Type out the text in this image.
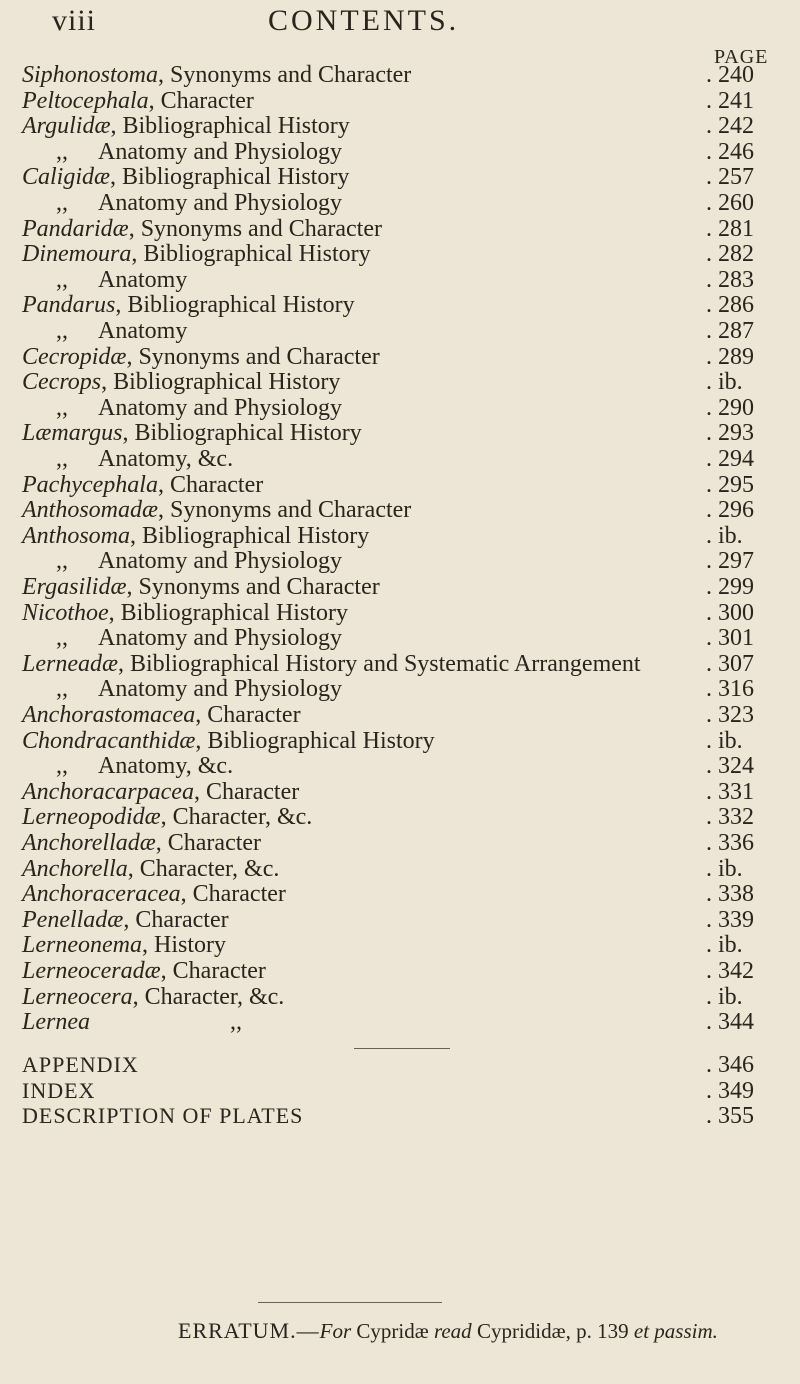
viii	CONTENTS.
PAGE
Siphonostoma, Synonyms and Character	. 240
Peltocephala, Character	. 241
Argulidæ, Bibliographical History	. 242
,, Anatomy and Physiology	. 246
Caligidæ, Bibliographical History	. 257
,, Anatomy and Physiology	. 260
Pandaridæ, Synonyms and Character	. 281
Dinemoura, Bibliographical History	. 282
,, Anatomy	. 283
Pandarus, Bibliographical History	. 286
,, Anatomy	. 287
Cecropidæ, Synonyms and Character	. 289
Cecrops, Bibliographical History	. ib.
,, Anatomy and Physiology	. 290
Læmargus, Bibliographical History	. 293
,, Anatomy, &c.	. 294
Pachycephala, Character	. 295
Anthosomadæ, Synonyms and Character	. 296
Anthosoma, Bibliographical History	. ib.
,, Anatomy and Physiology	. 297
Ergasilidæ, Synonyms and Character	. 299
Nicothoe, Bibliographical History	. 300
,, Anatomy and Physiology	. 301
Lerneadæ, Bibliographical History and Systematic Arrangement	. 307
,, Anatomy and Physiology	. 316
Anchorastomacea, Character	. 323
Chondracanthidæ, Bibliographical History	. ib.
,, Anatomy, &c.	. 324
Anchoracarpacea, Character	. 331
Lerneopodidæ, Character, &c.	. 332
Anchorelladæ, Character	. 336
Anchorella, Character, &c.	. ib.
Anchoraceracea, Character	. 338
Penelladæ, Character	. 339
Lerneonema, History	. ib.
Lerneoceradæ, Character	. 342
Lerneocera, Character, &c.	. ib.
Lernea	,,	. 344
APPENDIX	. 346
INDEX	. 349
DESCRIPTION OF PLATES	. 355
ERRATUM.—For Cypridæ read Cyprididæ, p. 139 et passim.
